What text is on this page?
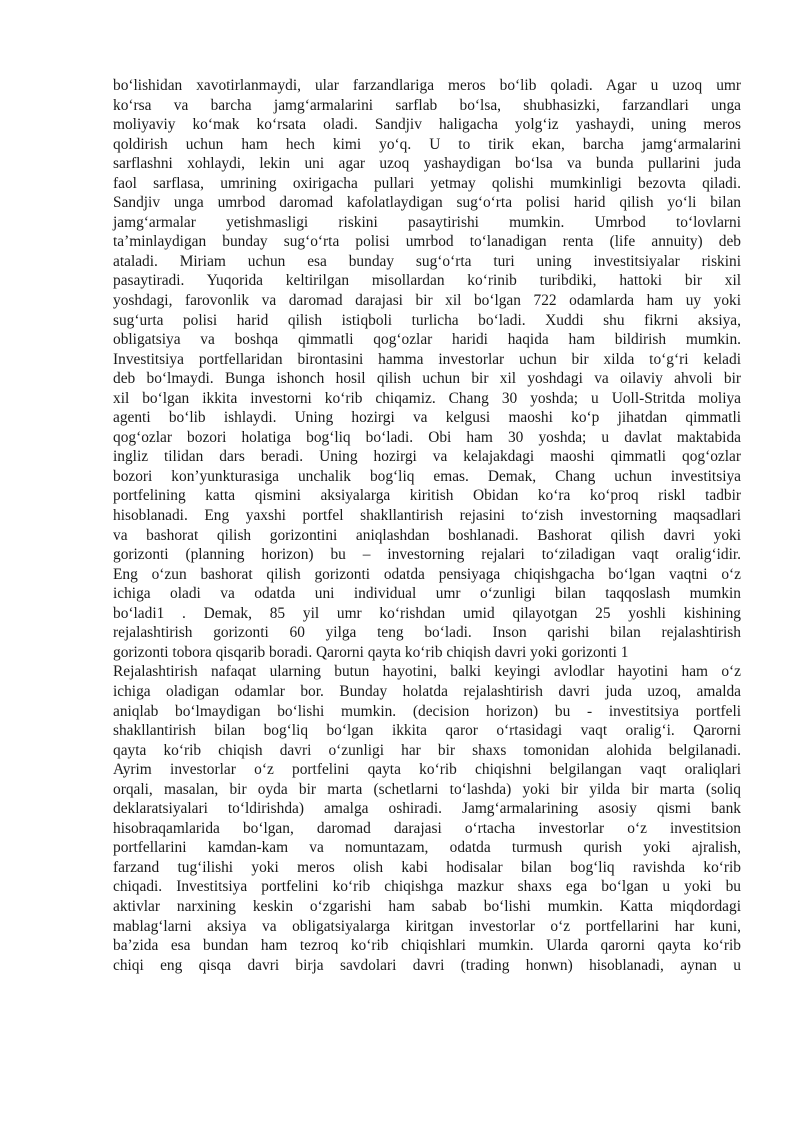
bo‘lishidan xavotirlanmaydi, ular farzandlariga meros bo‘lib qoladi. Agar u uzoq umr
ko‘rsa va barcha jamg‘armalarini sarflab bo‘lsa, shubhasizki, farzandlari unga
moliyaviy ko‘mak ko‘rsata oladi. Sandjiv haligacha yolg‘iz yashaydi, uning meros
qoldirish uchun ham hech kimi yo‘q. U to tirik ekan, barcha jamg‘armalarini
sarflashni xohlaydi, lekin uni agar uzoq yashaydigan bo‘lsa va bunda pullarini juda
faol sarflasa, umrining oxirigacha pullari yetmay qolishi mumkinligi bezovta qiladi.
Sandjiv unga umrbod daromad kafolatlaydigan sug‘o‘rta polisi harid qilish yo‘li bilan
jamg‘armalar yetishmasligi riskini pasaytirishi mumkin. Umrbod to‘lovlarni
ta’minlaydigan bunday sug‘o‘rta polisi umrbod to‘lanadigan renta (life annuity) deb
ataladi. Miriam uchun esa bunday sug‘o‘rta turi uning investitsiyalar riskini
pasaytiradi. Yuqorida keltirilgan misollardan ko‘rinib turibdiki, hattoki bir xil
yoshdagi, farovonlik va daromad darajasi bir xil bo‘lgan 722 odamlarda ham uy yoki
sug‘urta polisi harid qilish istiqboli turlicha bo‘ladi. Xuddi shu fikrni aksiya,
obligatsiya va boshqa qimmatli qog‘ozlar haridi haqida ham bildirish mumkin.
Investitsiya portfellaridan birontasini hamma investorlar uchun bir xilda to‘g‘ri keladi
deb bo‘lmaydi. Bunga ishonch hosil qilish uchun bir xil yoshdagi va oilaviy ahvoli bir
xil bo‘lgan ikkita investorni ko‘rib chiqamiz. Chang 30 yoshda; u Uoll-Stritda moliya
agenti bo‘lib ishlaydi. Uning hozirgi va kelgusi maoshi ko‘p jihatdan qimmatli
qog‘ozlar bozori holatiga bog‘liq bo‘ladi. Obi ham 30 yoshda; u davlat maktabida
ingliz tilidan dars beradi. Uning hozirgi va kelajakdagi maoshi qimmatli qog‘ozlar
bozori kon’yunkturasiga unchalik bog‘liq emas. Demak, Chang uchun investitsiya
portfelining katta qismini aksiyalarga kiritish Obidan ko‘ra ko‘proq riskl tadbir
hisoblanadi. Eng yaxshi portfel shakllantirish rejasini to‘zish investorning maqsadlari
va bashorat qilish gorizontini aniqlashdan boshlanadi. Bashorat qilish davri yoki
gorizonti (planning horizon) bu – investorning rejalari to‘ziladigan vaqt oralig‘idir.
Eng o‘zun bashorat qilish gorizonti odatda pensiyaga chiqishgacha bo‘lgan vaqtni o‘z
ichiga oladi va odatda uni individual umr o‘zunligi bilan taqqoslash mumkin
bo‘ladi1 . Demak, 85 yil umr ko‘rishdan umid qilayotgan 25 yoshli kishining
rejalashtirish gorizonti 60 yilga teng bo‘ladi. Inson qarishi bilan rejalashtirish
gorizonti tobora qisqarib boradi. Qarorni qayta ko‘rib chiqish davri yoki gorizonti 1
Rejalashtirish nafaqat ularning butun hayotini, balki keyingi avlodlar hayotini ham o‘z
ichiga oladigan odamlar bor. Bunday holatda rejalashtirish davri juda uzoq, amalda
aniqlab bo‘lmaydigan bo‘lishi mumkin. (decision horizon) bu - investitsiya portfeli
shakllantirish bilan bog‘liq bo‘lgan ikkita qaror o‘rtasidagi vaqt oralig‘i. Qarorni
qayta ko‘rib chiqish davri o‘zunligi har bir shaxs tomonidan alohida belgilanadi.
Ayrim investorlar o‘z portfelini qayta ko‘rib chiqishni belgilangan vaqt oraliqlari
orqali, masalan, bir oyda bir marta (schetlarni to‘lashda) yoki bir yilda bir marta (soliq
deklaratsiyalari to‘ldirishda) amalga oshiradi. Jamg‘armalarining asosiy qismi bank
hisobraqamlarida bo‘lgan, daromad darajasi o‘rtacha investorlar o‘z investitsion
portfellarini kamdan-kam va nomuntazam, odatda turmush qurish yoki ajralish,
farzand tug‘ilishi yoki meros olish kabi hodisalar bilan bog‘liq ravishda ko‘rib
chiqadi. Investitsiya portfelini ko‘rib chiqishga mazkur shaxs ega bo‘lgan u yoki bu
aktivlar narxining keskin o‘zgarishi ham sabab bo‘lishi mumkin. Katta miqdordagi
mablag‘larni aksiya va obligatsiyalarga kiritgan investorlar o‘z portfellarini har kuni,
ba’zida esa bundan ham tezroq ko‘rib chiqishlari mumkin. Ularda qarorni qayta ko‘rib
chiqi eng qisqa davri birja savdolari davri (trading honwn) hisoblanadi, aynan u
